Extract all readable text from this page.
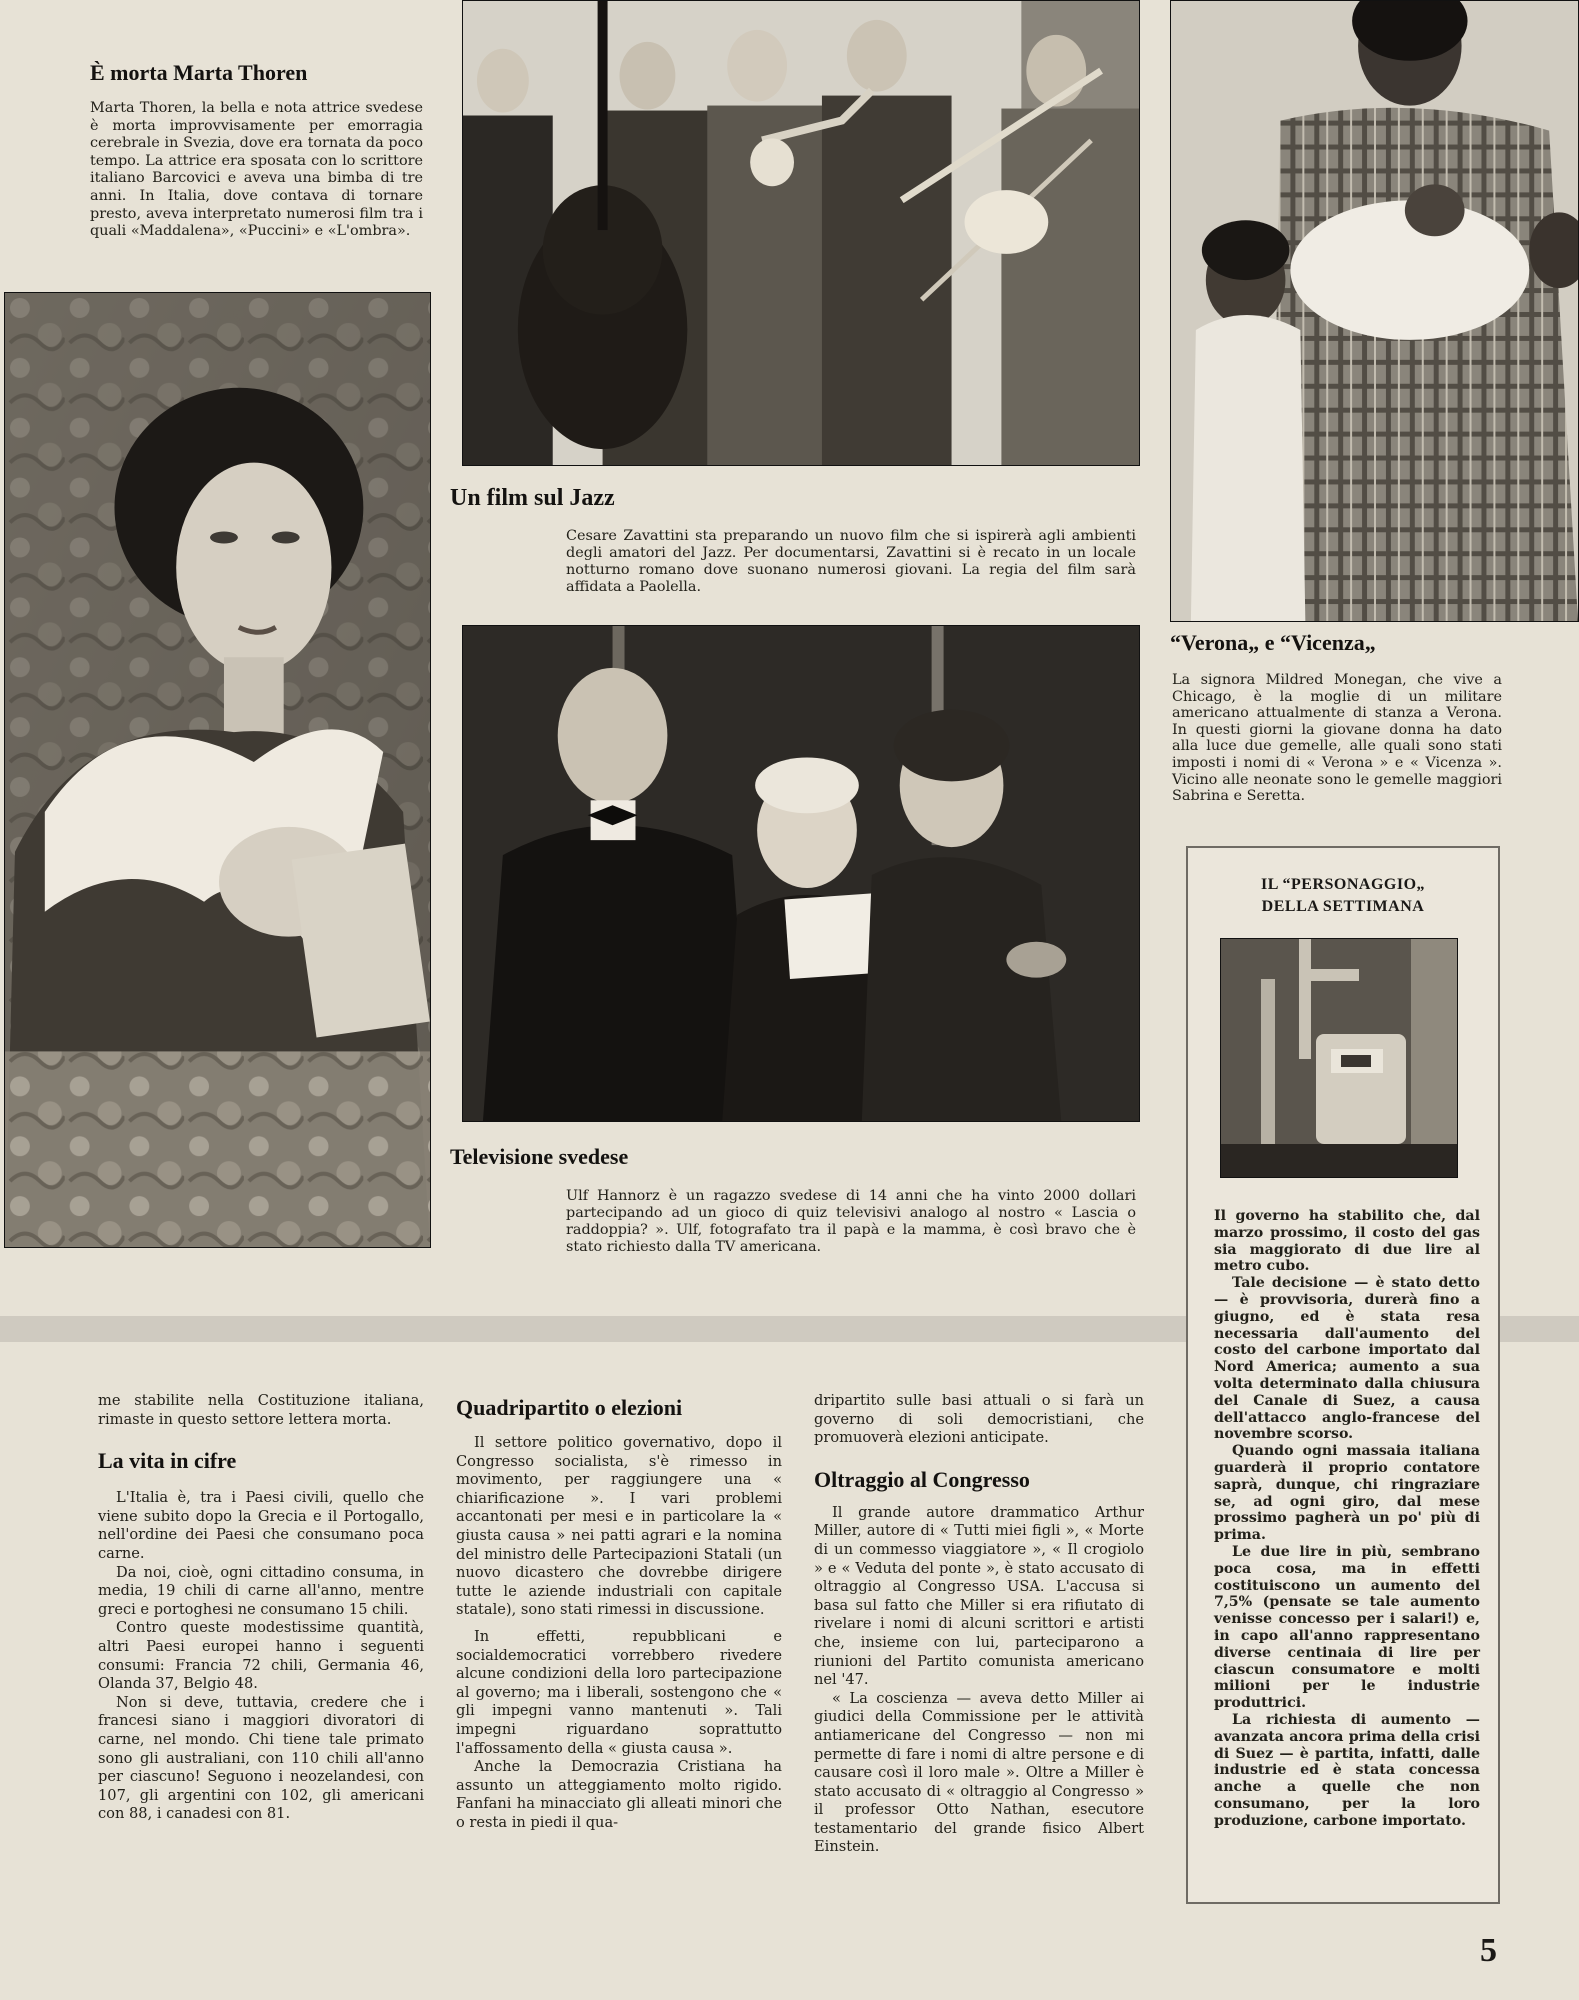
È morta Marta Thoren
Marta Thoren, la bella e nota attrice svedese è morta improvvisamente per emorragia cerebrale in Svezia, dove era tornata da poco tempo. La attrice era sposata con lo scrittore italiano Barcovici e aveva una bimba di tre anni. In Italia, dove contava di tornare presto, aveva interpretato numerosi film tra i quali «Maddalena», «Puccini» e «L'ombra».
Un film sul Jazz
Cesare Zavattini sta preparando un nuovo film che si ispirerà agli ambienti degli amatori del Jazz. Per documentarsi, Zavattini si è recato in un locale notturno romano dove suonano numerosi giovani. La regia del film sarà affidata a Paolella.
Televisione svedese
Ulf Hannorz è un ragazzo svedese di 14 anni che ha vinto 2000 dollari partecipando ad un gioco di quiz televisivi analogo al nostro « Lascia o raddoppia? ». Ulf, fotografato tra il papà e la mamma, è così bravo che è stato richiesto dalla TV americana.
“Verona„ e “Vicenza„
La signora Mildred Monegan, che vive a Chicago, è la moglie di un militare americano attualmente di stanza a Verona. In questi giorni la giovane donna ha dato alla luce due gemelle, alle quali sono stati imposti i nomi di « Verona » e « Vicenza ». Vicino alle neonate sono le gemelle maggiori Sabrina e Seretta.
IL “PERSONAGGIO„
DELLA SETTIMANA

Il governo ha stabilito che, dal marzo prossimo, il costo del gas sia maggiorato di due lire al metro cubo.

Tale decisione — è stato detto — è provvisoria, durerà fino a giugno, ed è stata resa necessaria dall'aumento del costo del carbone importato dal Nord America; aumento a sua volta determinato dalla chiusura del Canale di Suez, a causa dell'attacco anglo-francese del novembre scorso.

Quando ogni massaia italiana guarderà il proprio contatore saprà, dunque, chi ringraziare se, ad ogni giro, dal mese prossimo pagherà un po' più di prima.

Le due lire in più, sembrano poca cosa, ma in effetti costituiscono un aumento del 7,5% (pensate se tale aumento venisse concesso per i salari!) e, in capo all'anno rappresentano diverse centinaia di lire per ciascun consumatore e molti milioni per le industrie produttrici.

La richiesta di aumento — avanzata ancora prima della crisi di Suez — è partita, infatti, dalle industrie ed è stata concessa anche a quelle che non consumano, per la loro produzione, carbone importato.

me stabilite nella Costituzione italiana, rimaste in questo settore lettera morta.

La vita in cifre

L'Italia è, tra i Paesi civili, quello che viene subito dopo la Grecia e il Portogallo, nell'ordine dei Paesi che consumano poca carne.

Da noi, cioè, ogni cittadino consuma, in media, 19 chili di carne all'anno, mentre greci e portoghesi ne consumano 15 chili.

Contro queste modestissime quantità, altri Paesi europei hanno i seguenti consumi: Francia 72 chili, Germania 46, Olanda 37, Belgio 48.

Non si deve, tuttavia, credere che i francesi siano i maggiori divoratori di carne, nel mondo. Chi tiene tale primato sono gli australiani, con 110 chili all'anno per ciascuno! Seguono i neozelandesi, con 107, gli argentini con 102, gli americani con 88, i canadesi con 81.

Quadripartito o elezioni

Il settore politico governativo, dopo il Congresso socialista, s'è rimesso in movimento, per raggiungere una « chiarificazione ». I vari problemi accantonati per mesi e in particolare la « giusta causa » nei patti agrari e la nomina del ministro delle Partecipazioni Statali (un nuovo dicastero che dovrebbe dirigere tutte le aziende industriali con capitale statale), sono stati rimessi in discussione.

In effetti, repubblicani e socialdemocratici vorrebbero rivedere alcune condizioni della loro partecipazione al governo; ma i liberali, sostengono che « gli impegni vanno mantenuti ». Tali impegni riguardano soprattutto l'affossamento della « giusta causa ».

Anche la Democrazia Cristiana ha assunto un atteggiamento molto rigido. Fanfani ha minacciato gli alleati minori che o resta in piedi il qua-

dripartito sulle basi attuali o si farà un governo di soli democristiani, che promuoverà elezioni anticipate.

Oltraggio al Congresso

Il grande autore drammatico Arthur Miller, autore di « Tutti miei figli », « Morte di un commesso viaggiatore », « Il crogiolo » e « Veduta del ponte », è stato accusato di oltraggio al Congresso USA. L'accusa si basa sul fatto che Miller si era rifiutato di rivelare i nomi di alcuni scrittori e artisti che, insieme con lui, parteciparono a riunioni del Partito comunista americano nel '47.

« La coscienza — aveva detto Miller ai giudici della Commissione per le attività antiamericane del Congresso — non mi permette di fare i nomi di altre persone e di causare così il loro male ». Oltre a Miller è stato accusato di « oltraggio al Congresso » il professor Otto Nathan, esecutore testamentario del grande fisico Albert Einstein.

5
